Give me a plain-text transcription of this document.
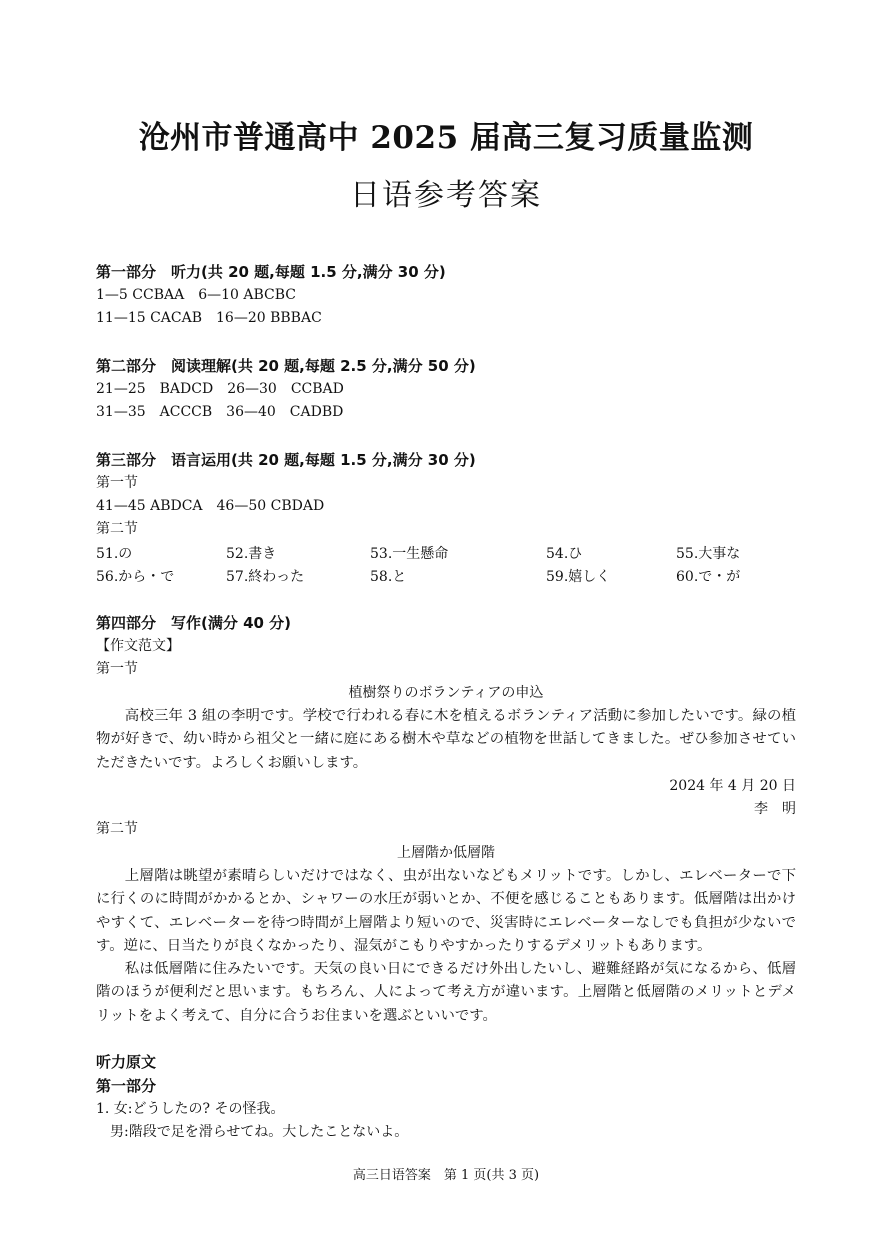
沧州市普通高中 2025 届高三复习质量监测
日语参考答案
第一部分　听力(共 20 题,每题 1.5 分,满分 30 分)
1—5 CCBAA　6—10 ABCBC
11—15 CACAB　16—20 BBBAC
第二部分　阅读理解(共 20 题,每题 2.5 分,满分 50 分)
21—25　BADCD　26—30　CCBAD
31—35　ACCCB　36—40　CADBD
第三部分　语言运用(共 20 题,每题 1.5 分,满分 30 分)
第一节
41—45 ABDCA　46—50 CBDAD
第二节
51.の	52.書き	53.一生懸命	54.ひ	55.大事な
56.から・で	57.終わった	58.と	59.嬉しく	60.で・が
第四部分　写作(满分 40 分)
【作文范文】
第一节
植樹祭りのボランティアの申込

高校三年 3 組の李明です。学校で行われる春に木を植えるボランティア活動に参加したいです。緑の植物が好きで、幼い時から祖父と一緒に庭にある樹木や草などの植物を世話してきました。ぜひ参加させていただきたいです。よろしくお願いします。

2024 年 4 月 20 日
李　明
第二节
上層階か低層階

上層階は眺望が素晴らしいだけではなく、虫が出ないなどもメリットです。しかし、エレベーターで下に行くのに時間がかかるとか、シャワーの水圧が弱いとか、不便を感じることもあります。低層階は出かけやすくて、エレベーターを待つ時間が上層階より短いので、災害時にエレベーターなしでも負担が少ないです。逆に、日当たりが良くなかったり、湿気がこもりやすかったりするデメリットもあります。

私は低層階に住みたいです。天気の良い日にできるだけ外出したいし、避難経路が気になるから、低層階のほうが便利だと思います。もちろん、人によって考え方が違います。上層階と低層階のメリットとデメリットをよく考えて、自分に合うお住まいを選ぶといいです。

听力原文
第一部分
1. 女:どうしたの? その怪我。
男:階段で足を滑らせてね。大したことないよ。
高三日语答案　第 1 页(共 3 页)
